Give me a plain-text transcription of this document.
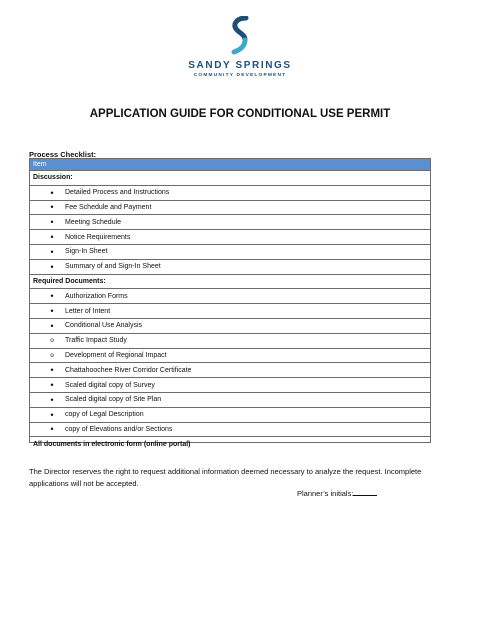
SANDY SPRINGS
COMMUNITY DEVELOPMENT
APPLICATION GUIDE FOR CONDITIONAL USE PERMIT
Process Checklist:
Item
Discussion:
•
Detailed Process and Instructions
•
Fee Schedule and Payment
•
Meeting Schedule
•
Notice Requirements
•
Sign-In Sheet
•
Summary of and Sign-In Sheet
Required Documents:
•
Authorization Forms
•
Letter of Intent
•
Conditional Use Analysis
o
Traffic Impact Study
o
Development of Regional Impact
•
Chattahoochee River Corridor Certificate
•
Scaled digital copy of Survey
•
Scaled digital copy of Site Plan
•
copy of Legal Description
•
copy of Elevations and/or Sections
All documents in electronic form (online portal)
The Director reserves the right to request additional information deemed necessary to analyze the request. Incomplete applications will not be accepted.
Planner’s initials:
